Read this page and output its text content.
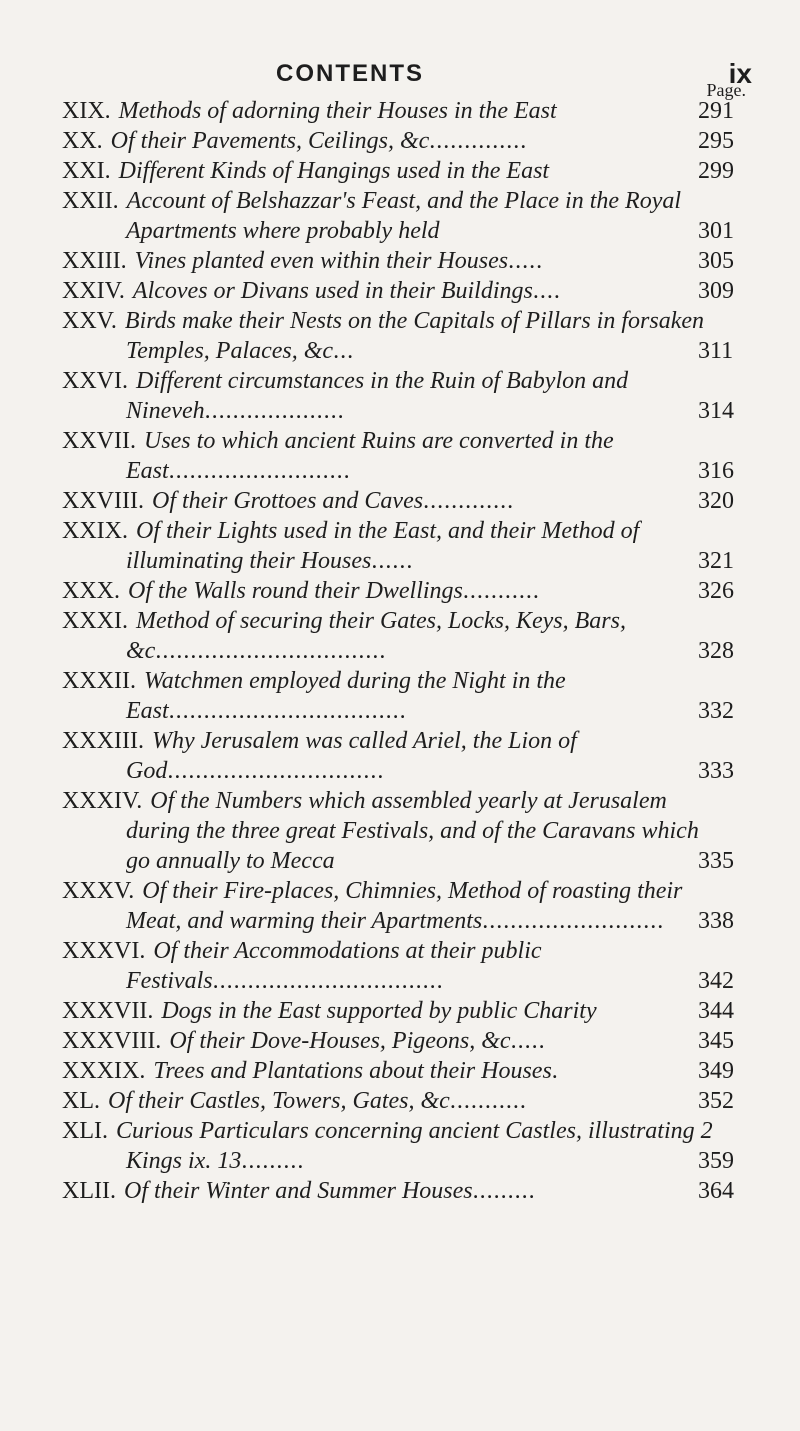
CONTENTS	ix
Page.
XIX. Methods of adorning their Houses in the East	291
XX. Of their Pavements, Ceilings, &c..............	295
XXI. Different Kinds of Hangings used in the East	299
XXII. Account of Belshazzar's Feast, and the Place in the Royal Apartments where probably held	301
XXIII. Vines planted even within their Houses.....	305
XXIV. Alcoves or Divans used in their Buildings....	309
XXV. Birds make their Nests on the Capitals of Pillars in forsaken Temples, Palaces, &c...	311
XXVI. Different circumstances in the Ruin of Babylon and Nineveh....................	314
XXVII. Uses to which ancient Ruins are converted in the East..........................	316
XXVIII. Of their Grottoes and Caves.............	320
XXIX. Of their Lights used in the East, and their Method of illuminating their Houses......	321
XXX. Of the Walls round their Dwellings...........	326
XXXI. Method of securing their Gates, Locks, Keys, Bars, &c.................................	328
XXXII. Watchmen employed during the Night in the East..................................	332
XXXIII. Why Jerusalem was called Ariel, the Lion of God...............................	333
XXXIV. Of the Numbers which assembled yearly at Jerusalem during the three great Festivals, and of the Caravans which go annually to Mecca	335
XXXV. Of their Fire-places, Chimnies, Method of roasting their Meat, and warming their Apartments.......................... 338
XXXVI. Of their Accommodations at their public Festivals.................................	342
XXXVII. Dogs in the East supported by public Charity	344
XXXVIII. Of their Dove-Houses, Pigeons, &c.....	345
XXXIX. Trees and Plantations about their Houses.	349
XL. Of their Castles, Towers, Gates, &c...........	352
XLI. Curious Particulars concerning ancient Castles, illustrating 2 Kings ix. 13.........	359
XLII. Of their Winter and Summer Houses.........	364
